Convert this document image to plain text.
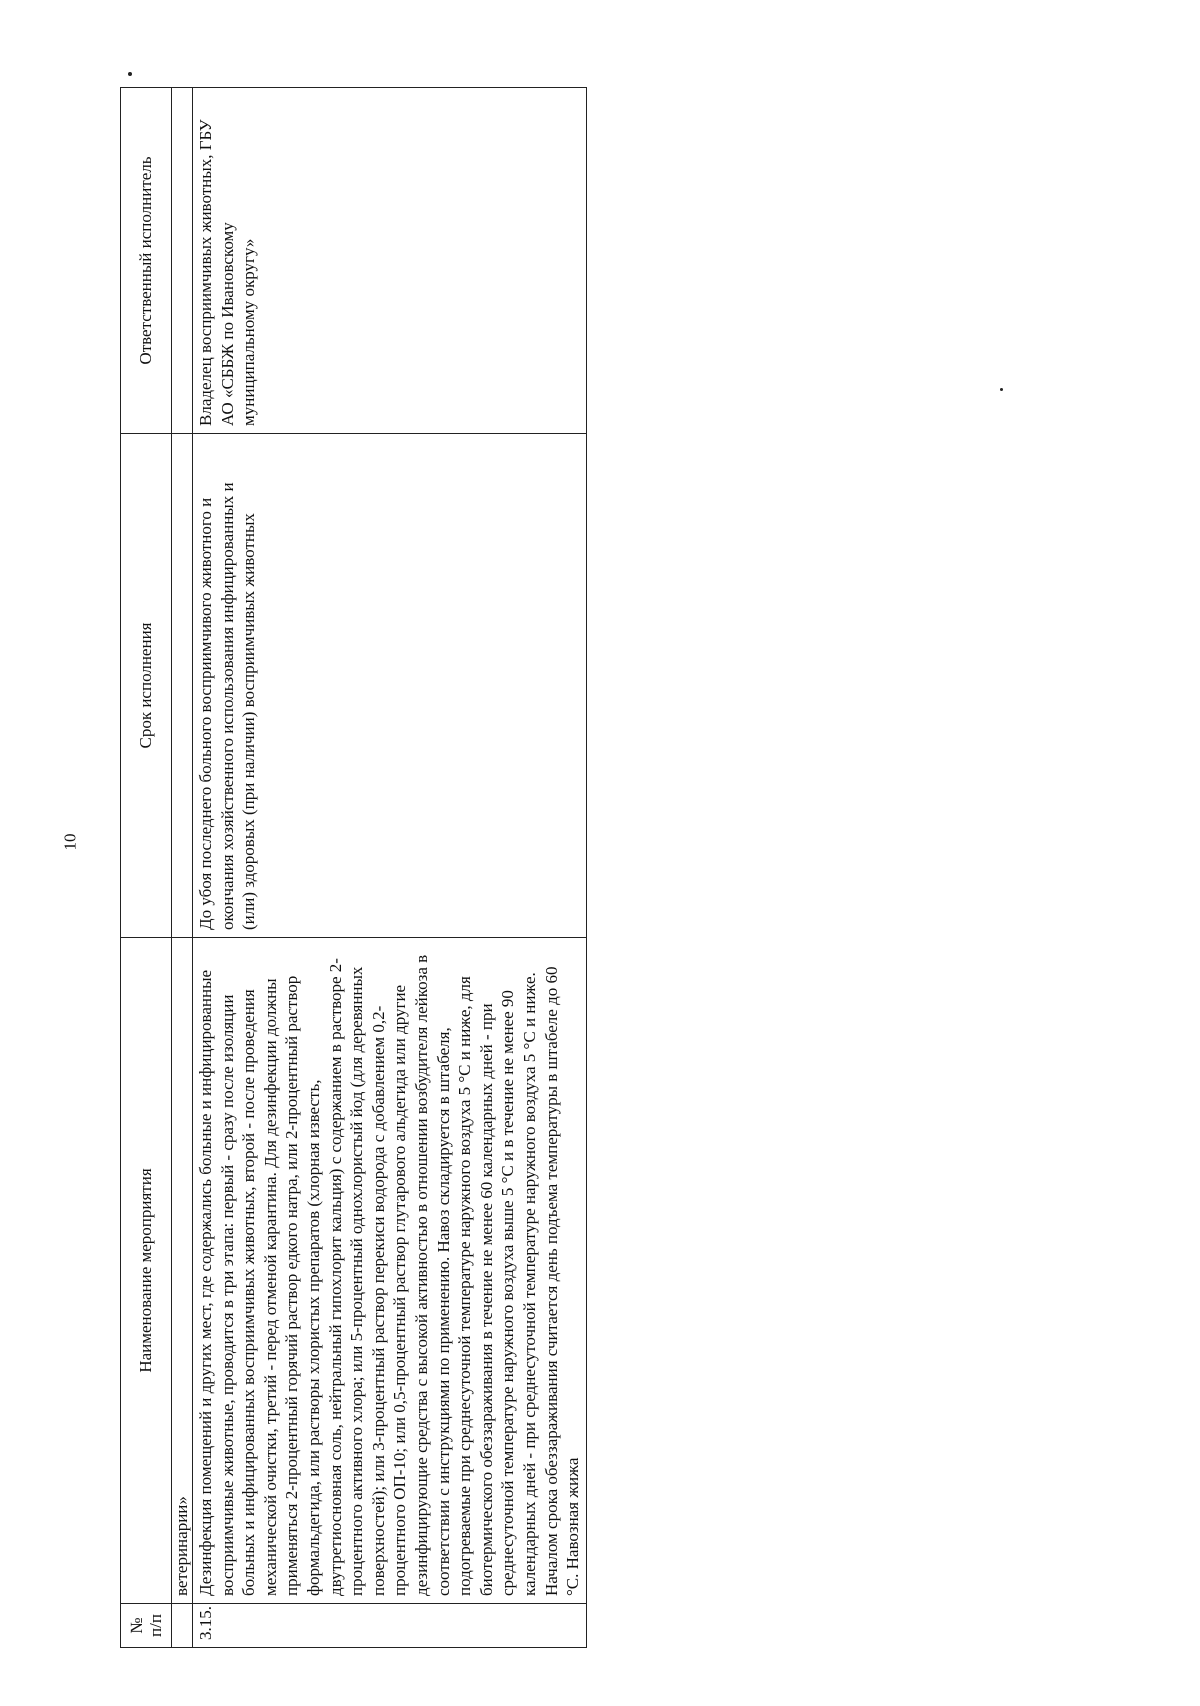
10
№ п/п	Наименование мероприятия	Срок исполнения	Ответственный исполнитель
	ветеринарии»		
3.15.	Дезинфекция помещений и других мест, где содержались больные и инфицированные восприимчивые животные, проводится в три этапа: первый - сразу после изоляции больных и инфицированных восприимчивых животных, второй - после проведения механической очистки, третий - перед отменой карантина. Для дезинфекции должны применяться 2-процентный горячий раствор едкого натра, или 2-процентный раствор формальдегида, или растворы хлористых препаратов (хлорная известь, двутретиосновная соль, нейтральный гипохлорит кальция) с содержанием в растворе 2-процентного активного хлора; или 5-процентный однохлористый йод (для деревянных поверхностей); или 3-процентный раствор перекиси водорода с добавлением 0,2-процентного ОП-10; или 0,5-процентный раствор глутарового альдегида или другие дезинфицирующие средства с высокой активностью в отношении возбудителя лейкоза в соответствии с инструкциями по применению. Навоз складируется в штабеля, подогреваемые при среднесуточной температуре наружного воздуха 5 °С и ниже, для биотермического обеззараживания в течение не менее 60 календарных дней - при среднесуточной температуре наружного воздуха выше 5 °С и в течение не менее 90 календарных дней - при среднесуточной температуре наружного воздуха 5 °С и ниже. Началом срока обеззараживания считается день подъема температуры в штабеле до 60 °С. Навозная жижа	До убоя последнего больного восприимчивого животного и окончания хозяйственного использования инфицированных и (или) здоровых (при наличии) восприимчивых животных	Владелец восприимчивых животных, ГБУ АО «СББЖ по Ивановскому муниципальному округу»
